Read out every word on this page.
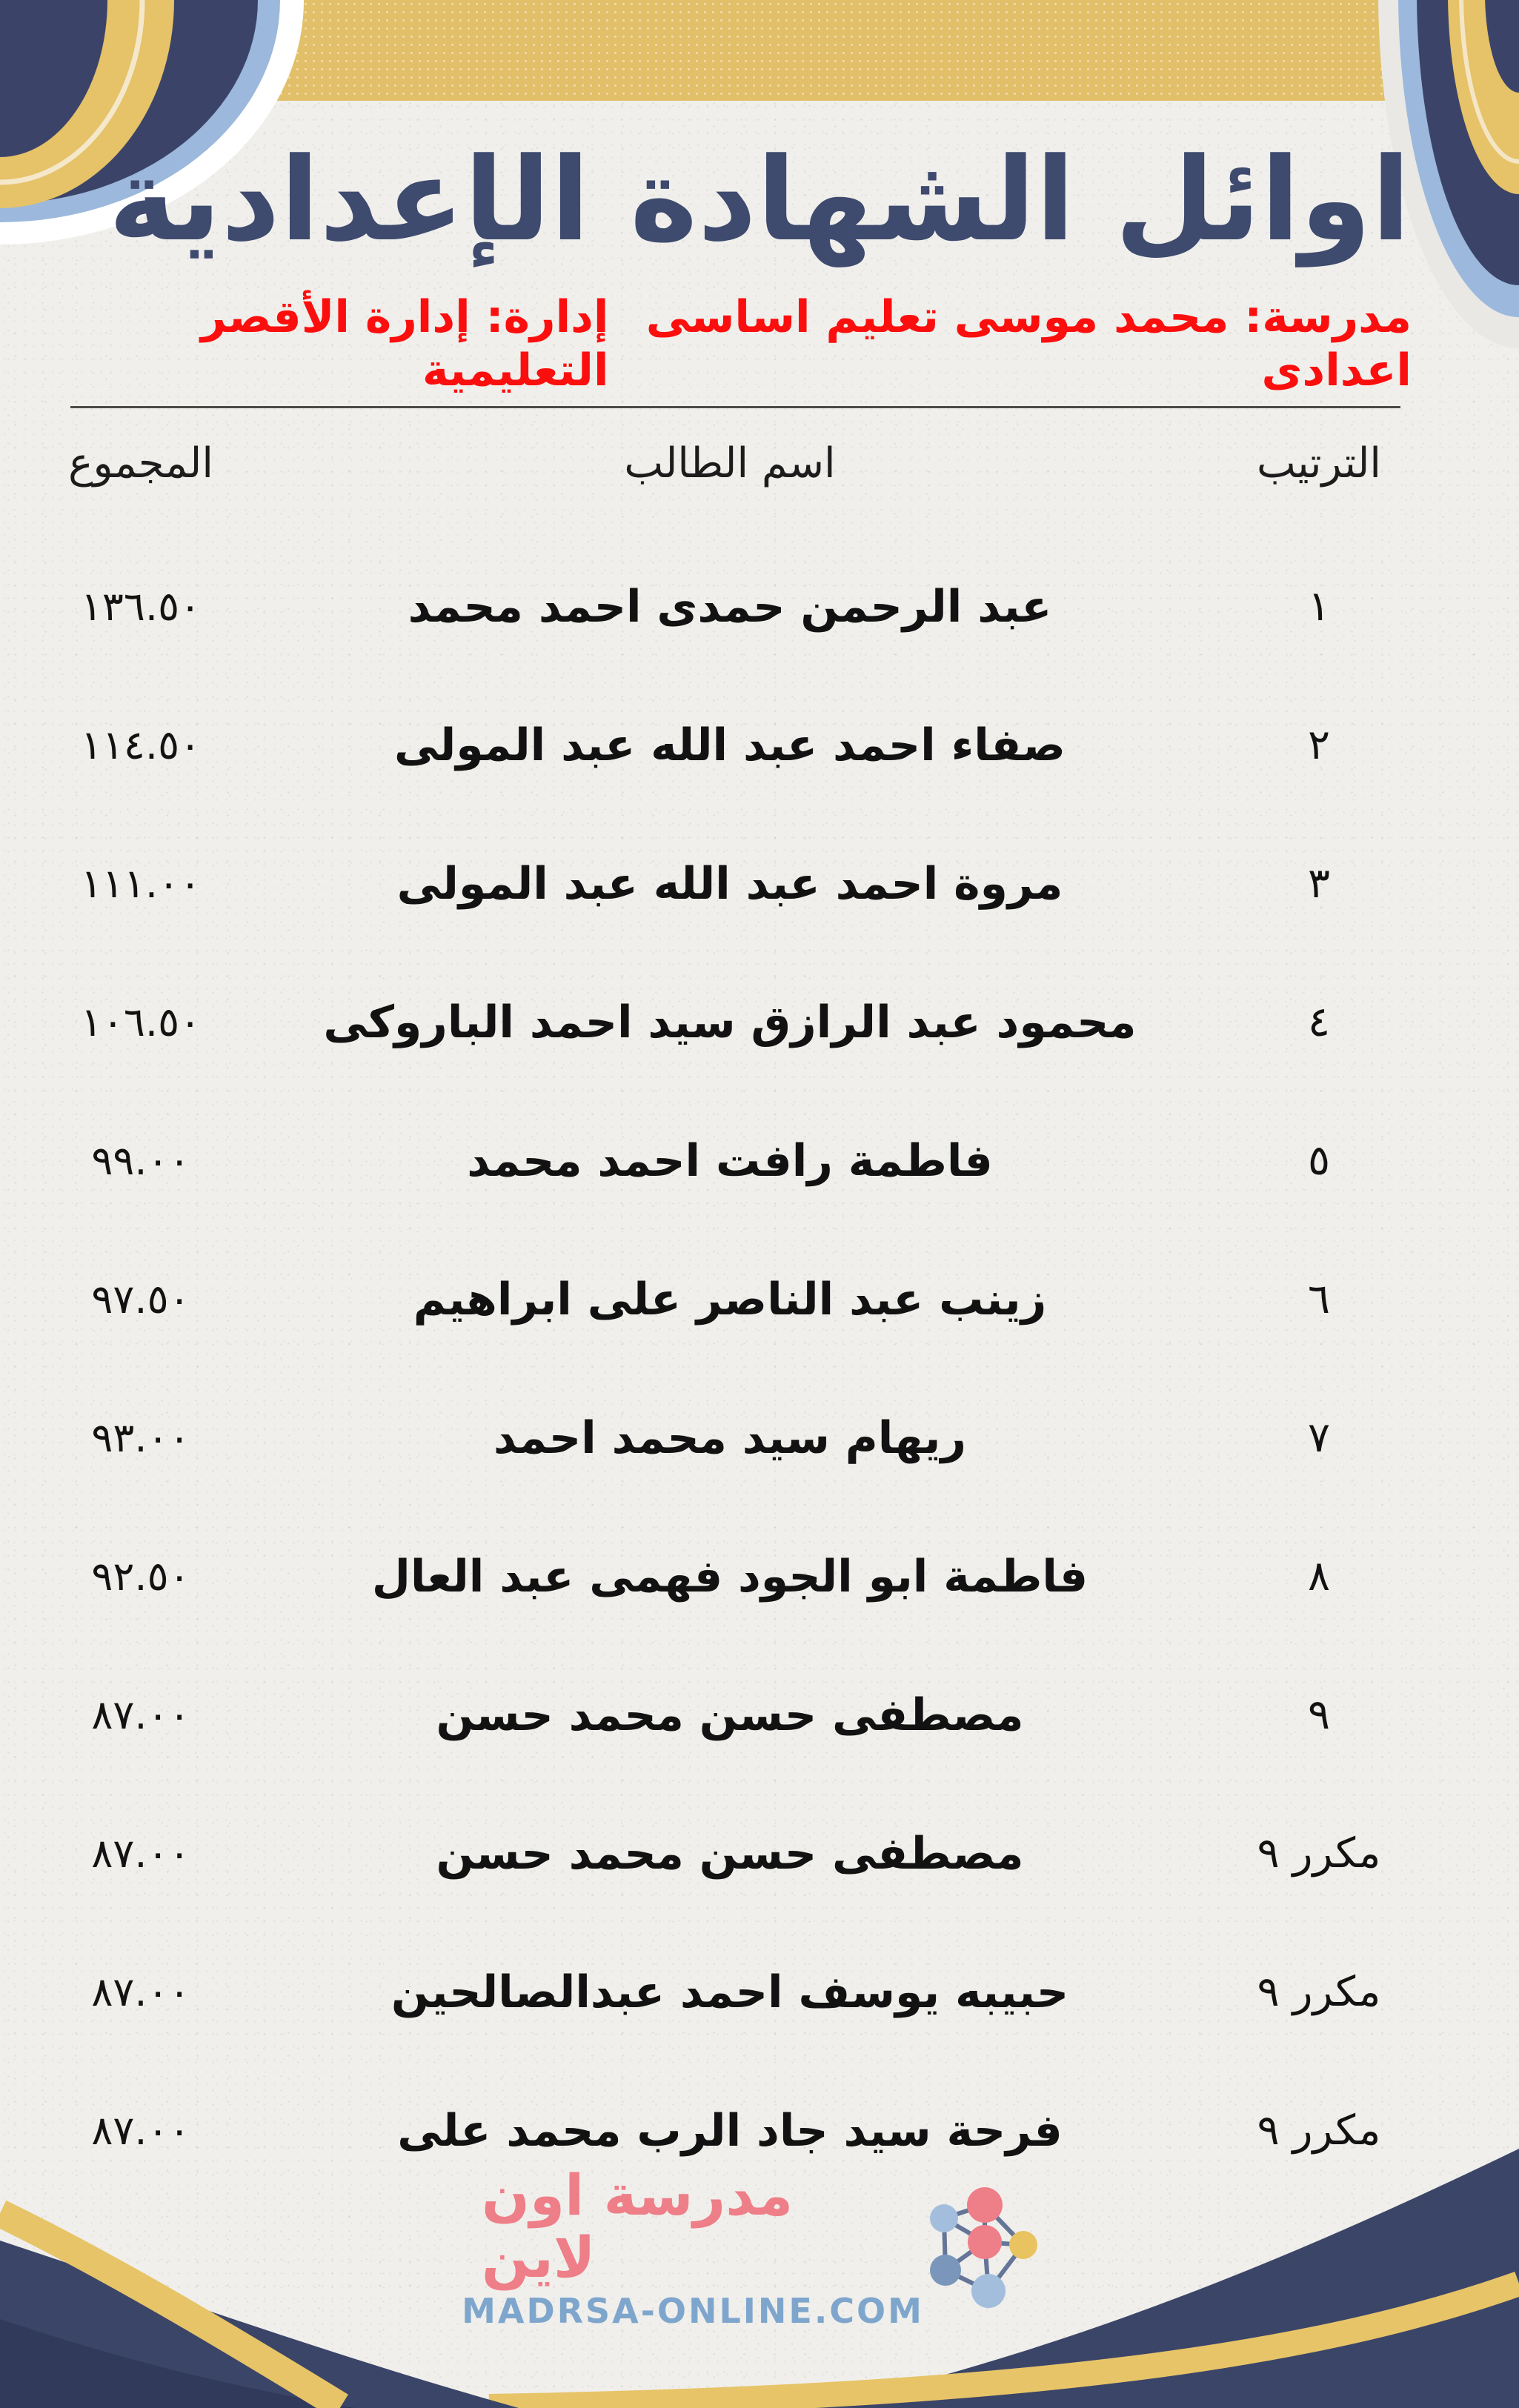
اوائل الشهادة الإعدادية
مدرسة: محمد موسى تعليم اساسى اعدادى
إدارة: إدارة الأقصر التعليمية
الترتيب
اسم الطالب
المجموع
١
عبد الرحمن حمدى احمد محمد
١٣٦.٥٠
٢
صفاء احمد عبد الله عبد المولى
١١٤.٥٠
٣
مروة احمد عبد الله عبد المولى
١١١.٠٠
٤
محمود عبد الرازق سيد احمد الباروكى
١٠٦.٥٠
٥
فاطمة رافت احمد محمد
٩٩.٠٠
٦
زينب عبد الناصر على ابراهيم
٩٧.٥٠
٧
ريهام سيد محمد احمد
٩٣.٠٠
٨
فاطمة ابو الجود فهمى عبد العال
٩٢.٥٠
٩
مصطفى حسن محمد حسن
٨٧.٠٠
مكرر ٩
مصطفى حسن محمد حسن
٨٧.٠٠
مكرر ٩
حبيبه يوسف احمد عبدالصالحين
٨٧.٠٠
مكرر ٩
فرحة سيد جاد الرب محمد على
٨٧.٠٠
مدرسة اون لاين
MADRSA-ONLINE.COM
